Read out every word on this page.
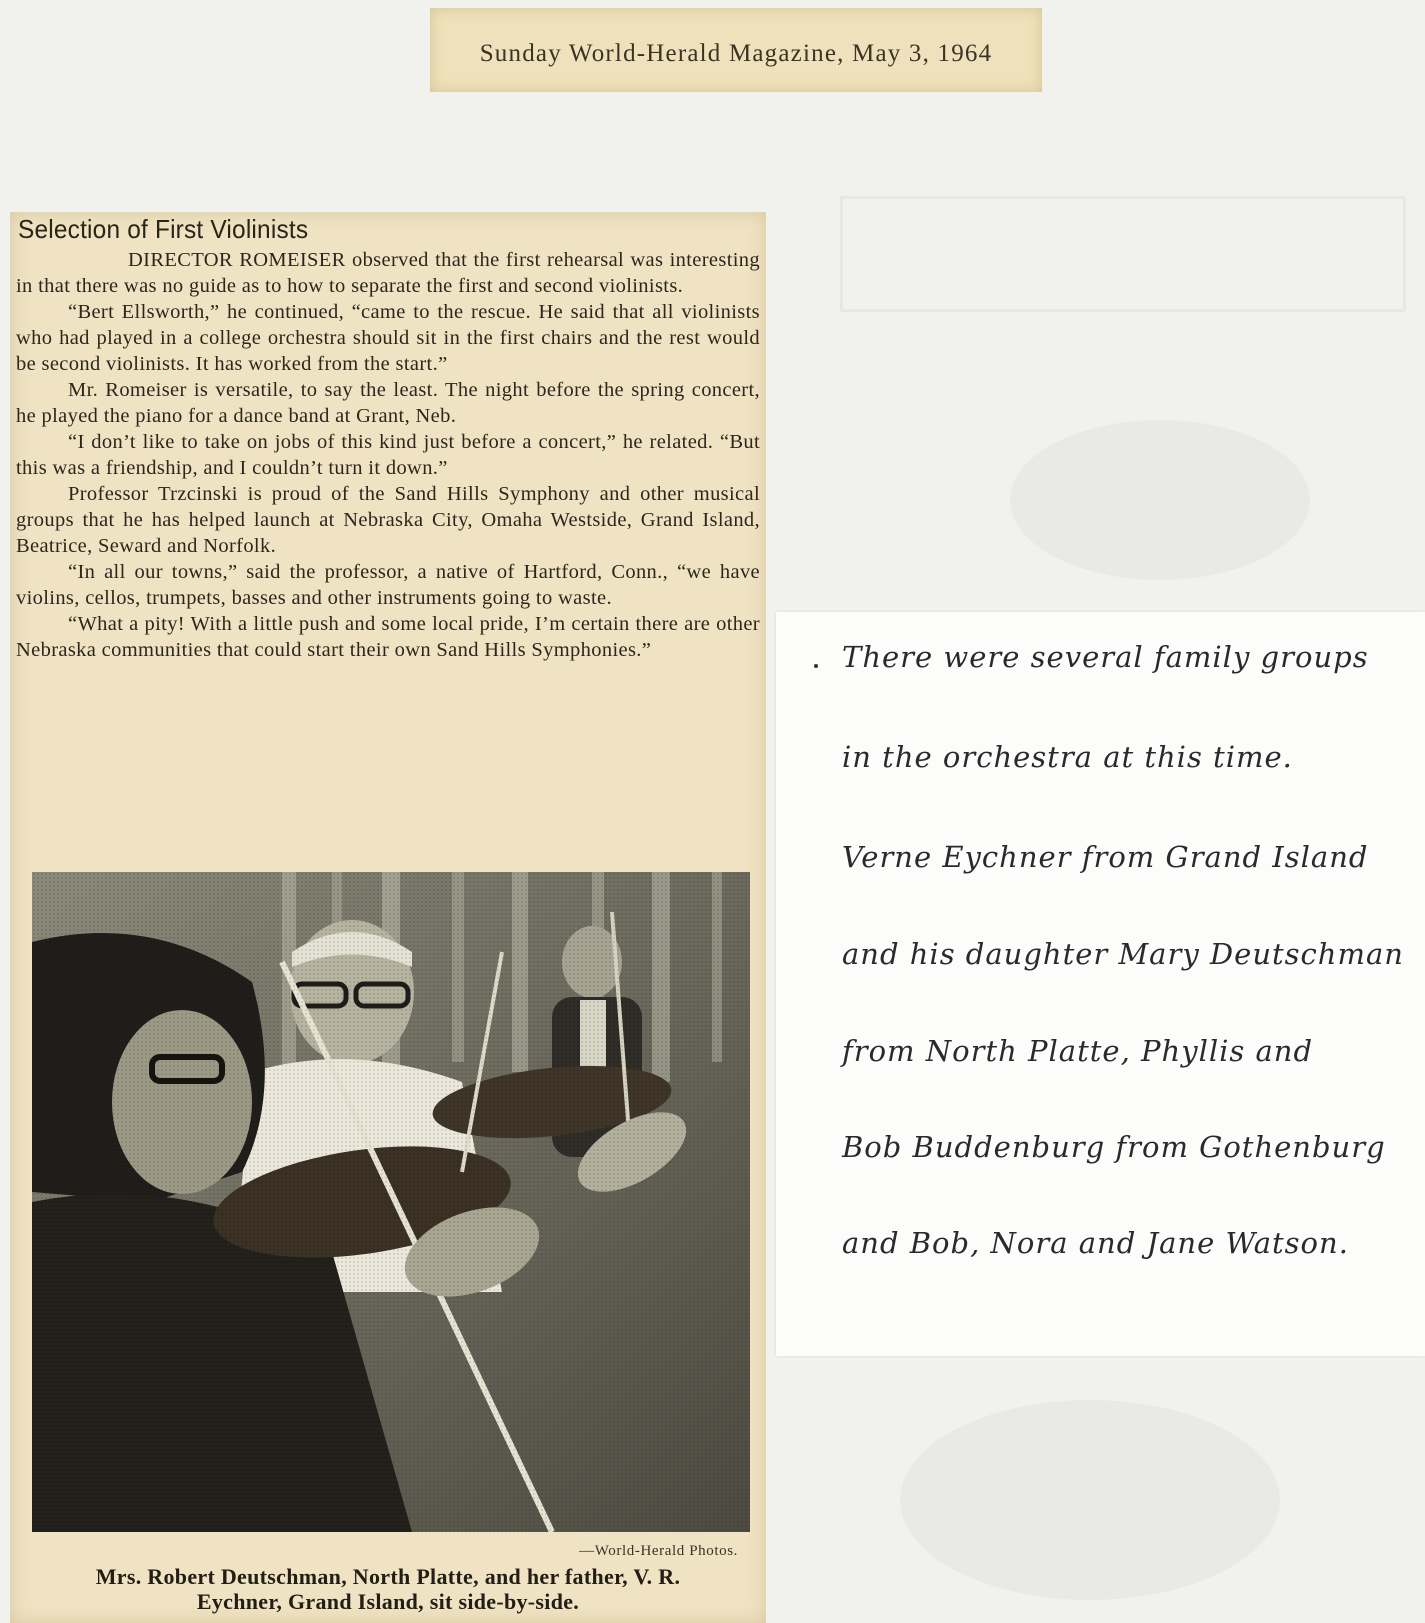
Sunday World-Herald Magazine, May 3, 1964
Selection of First Violinists

DIRECTOR ROMEISER observed that the first rehearsal was interesting in that there was no guide as to how to separate the first and second violinists.

“Bert Ellsworth,” he continued, “came to the rescue. He said that all violinists who had played in a college orchestra should sit in the first chairs and the rest would be second violinists. It has worked from the start.”

Mr. Romeiser is versatile, to say the least. The night before the spring concert, he played the piano for a dance band at Grant, Neb.

“I don’t like to take on jobs of this kind just before a concert,” he related. “But this was a friendship, and I couldn’t turn it down.”

Professor Trzcinski is proud of the Sand Hills Symphony and other musical groups that he has helped launch at Nebraska City, Omaha Westside, Grand Island, Beatrice, Seward and Norfolk.

“In all our towns,” said the professor, a native of Hartford, Conn., “we have violins, cellos, trumpets, basses and other instruments going to waste.

“What a pity! With a little push and some local pride, I’m certain there are other Nebraska communities that could start their own Sand Hills Symphonies.”

—World-Herald Photos.
Mrs. Robert Deutschman, North Platte, and her father, V. R.
Eychner, Grand Island, sit side-by-side.
There were several family groups
in the orchestra at this time.
Verne Eychner from Grand Island
and his daughter Mary Deutschman
from North Platte, Phyllis and
Bob Buddenburg from Gothenburg
and Bob, Nora and Jane Watson.
